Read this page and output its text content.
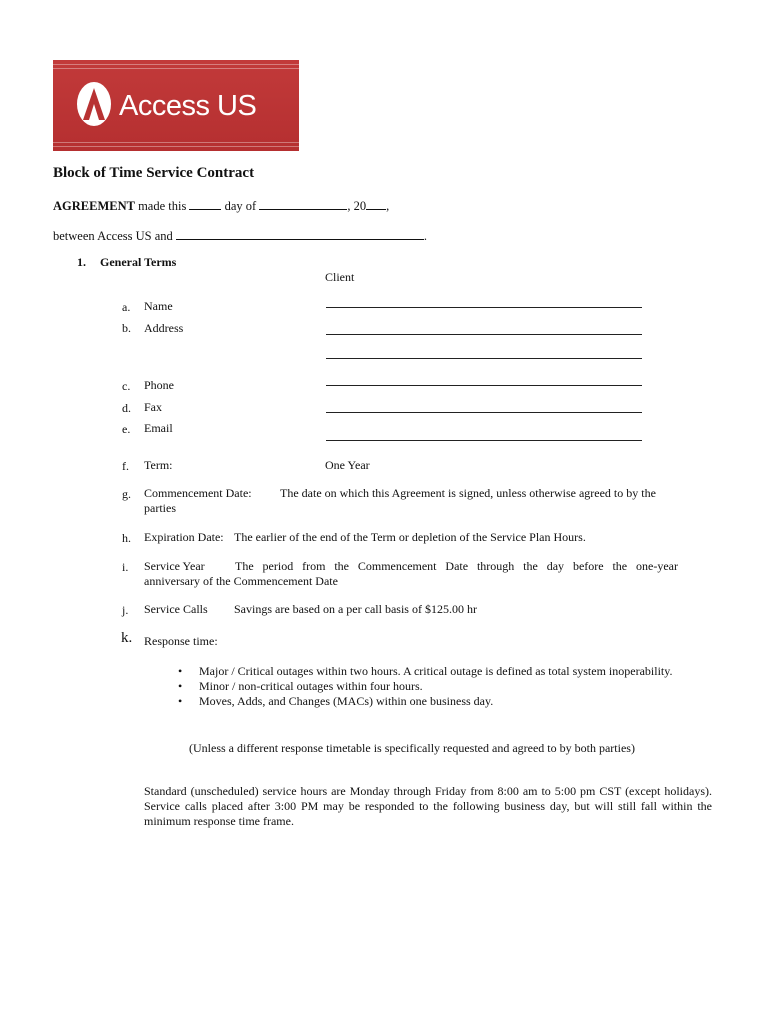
Access US
Block of Time Service Contract
AGREEMENT made this	day of	, 20 ,
between Access US and	.
1. General Terms
Client
a. Name
b. Address
c. Phone
d. Fax
e. Email
f. Term:	One Year
g. Commencement Date: The date on which this Agreement is signed, unless otherwise agreed to by the
parties
h. Expiration Date: The earlier of the end of the Term or depletion of the Service Plan Hours.
i. Service Year	The period from the Commencement Date through the day before the one-year
anniversary of the Commencement Date
j. Service Calls Savings are based on a per call basis of $125.00 hr
k. Response time:
• Major / Critical outages within two hours. A critical outage is defined as total system inoperability.
• Minor / non-critical outages within four hours.
• Moves, Adds, and Changes (MACs) within one business day.
(Unless a different response timetable is specifically requested and agreed to by both parties)
Standard (unscheduled) service hours are Monday through Friday from 8:00 am to 5:00 pm CST (except holidays). Service calls placed after 3:00 PM may be responded to the following business day, but will still fall within the minimum response time frame.
